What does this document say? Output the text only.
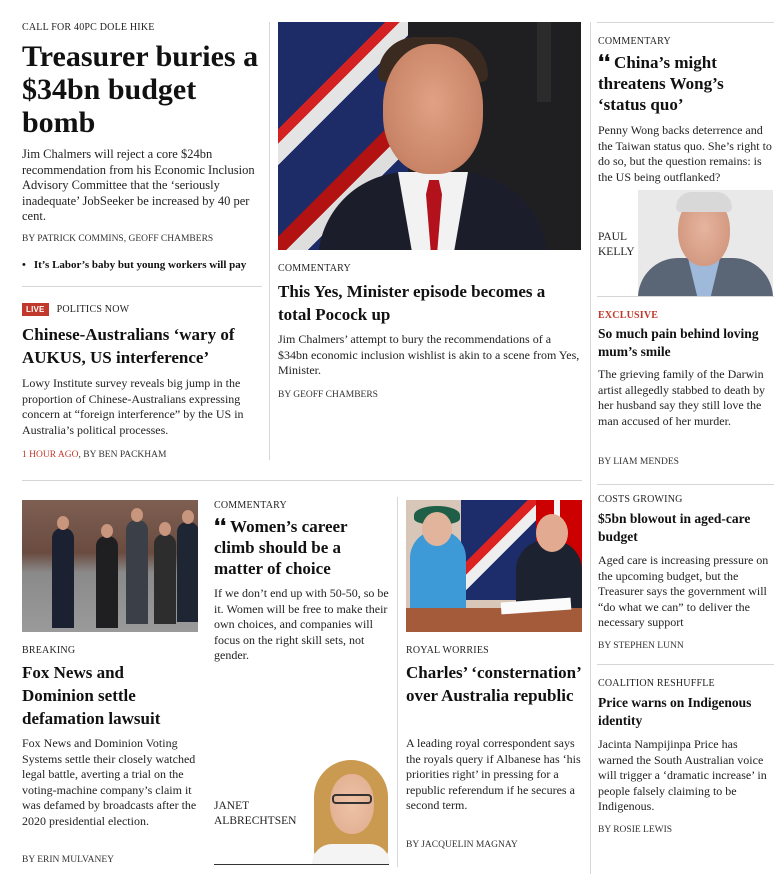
CALL FOR 40PC DOLE HIKE
Treasurer buries a $34bn budget bomb
Jim Chalmers will reject a core $24bn recommendation from his Economic Inclusion Advisory Committee that the ‘seriously inadequate’ JobSeeker be increased by 40 per cent.
BY PATRICK COMMINS, GEOFF CHAMBERS
• It’s Labor’s baby but young workers will pay	COMMENTARY
This Yes, Minister episode becomes a total Pocock up
Jim Chalmers’ attempt to bury the recommendations of a $34bn economic inclusion wishlist is akin to a scene from Yes, Minister.
BY GEOFF CHAMBERS
COMMENTARY
❛❛ China’s might threatens Wong’s ‘status quo’
Penny Wong backs deterrence and the Taiwan status quo. She’s right to do so, but the question remains: is the US being outflanked?
PAUL
KELLY
LIVE POLITICS NOW
Chinese-Australians ‘wary of AUKUS, US interference’
Lowy Institute survey reveals big jump in the proportion of Chinese-Australians expressing concern at “foreign interference” by the US in Australia’s political processes.
1 HOUR AGO, BY BEN PACKHAM
EXCLUSIVE
So much pain behind loving mum’s smile
The grieving family of the Darwin artist allegedly stabbed to death by her husband say they still love the man accused of her murder.
BY LIAM MENDES
BREAKING
Fox News and Dominion settle defamation lawsuit
Fox News and Dominion Voting Systems settle their closely watched legal battle, averting a trial on the voting-machine company’s claim it was defamed by broadcasts after the 2020 presidential election.
BY ERIN MULVANEY
COMMENTARY
❛❛ Women’s career climb should be a matter of choice
If we don’t end up with 50-50, so be it. Women will be free to make their own choices, and companies will focus on the right skill sets, not gender.
JANET
ALBRECHTSEN
ROYAL WORRIES
Charles’ ‘consternation’ over Australia republic
A leading royal correspondent says the royals query if Albanese has ‘his priorities right’ in pressing for a republic referendum if he secures a second term.
BY JACQUELIN MAGNAY
COSTS GROWING
$5bn blowout in aged-care budget
Aged care is increasing pressure on the upcoming budget, but the Treasurer says the government will “do what we can” to deliver the necessary support
BY STEPHEN LUNN
COALITION RESHUFFLE
Price warns on Indigenous identity
Jacinta Nampijinpa Price has warned the South Australian voice will trigger a ‘dramatic increase’ in people falsely claiming to be Indigenous.
BY ROSIE LEWIS
